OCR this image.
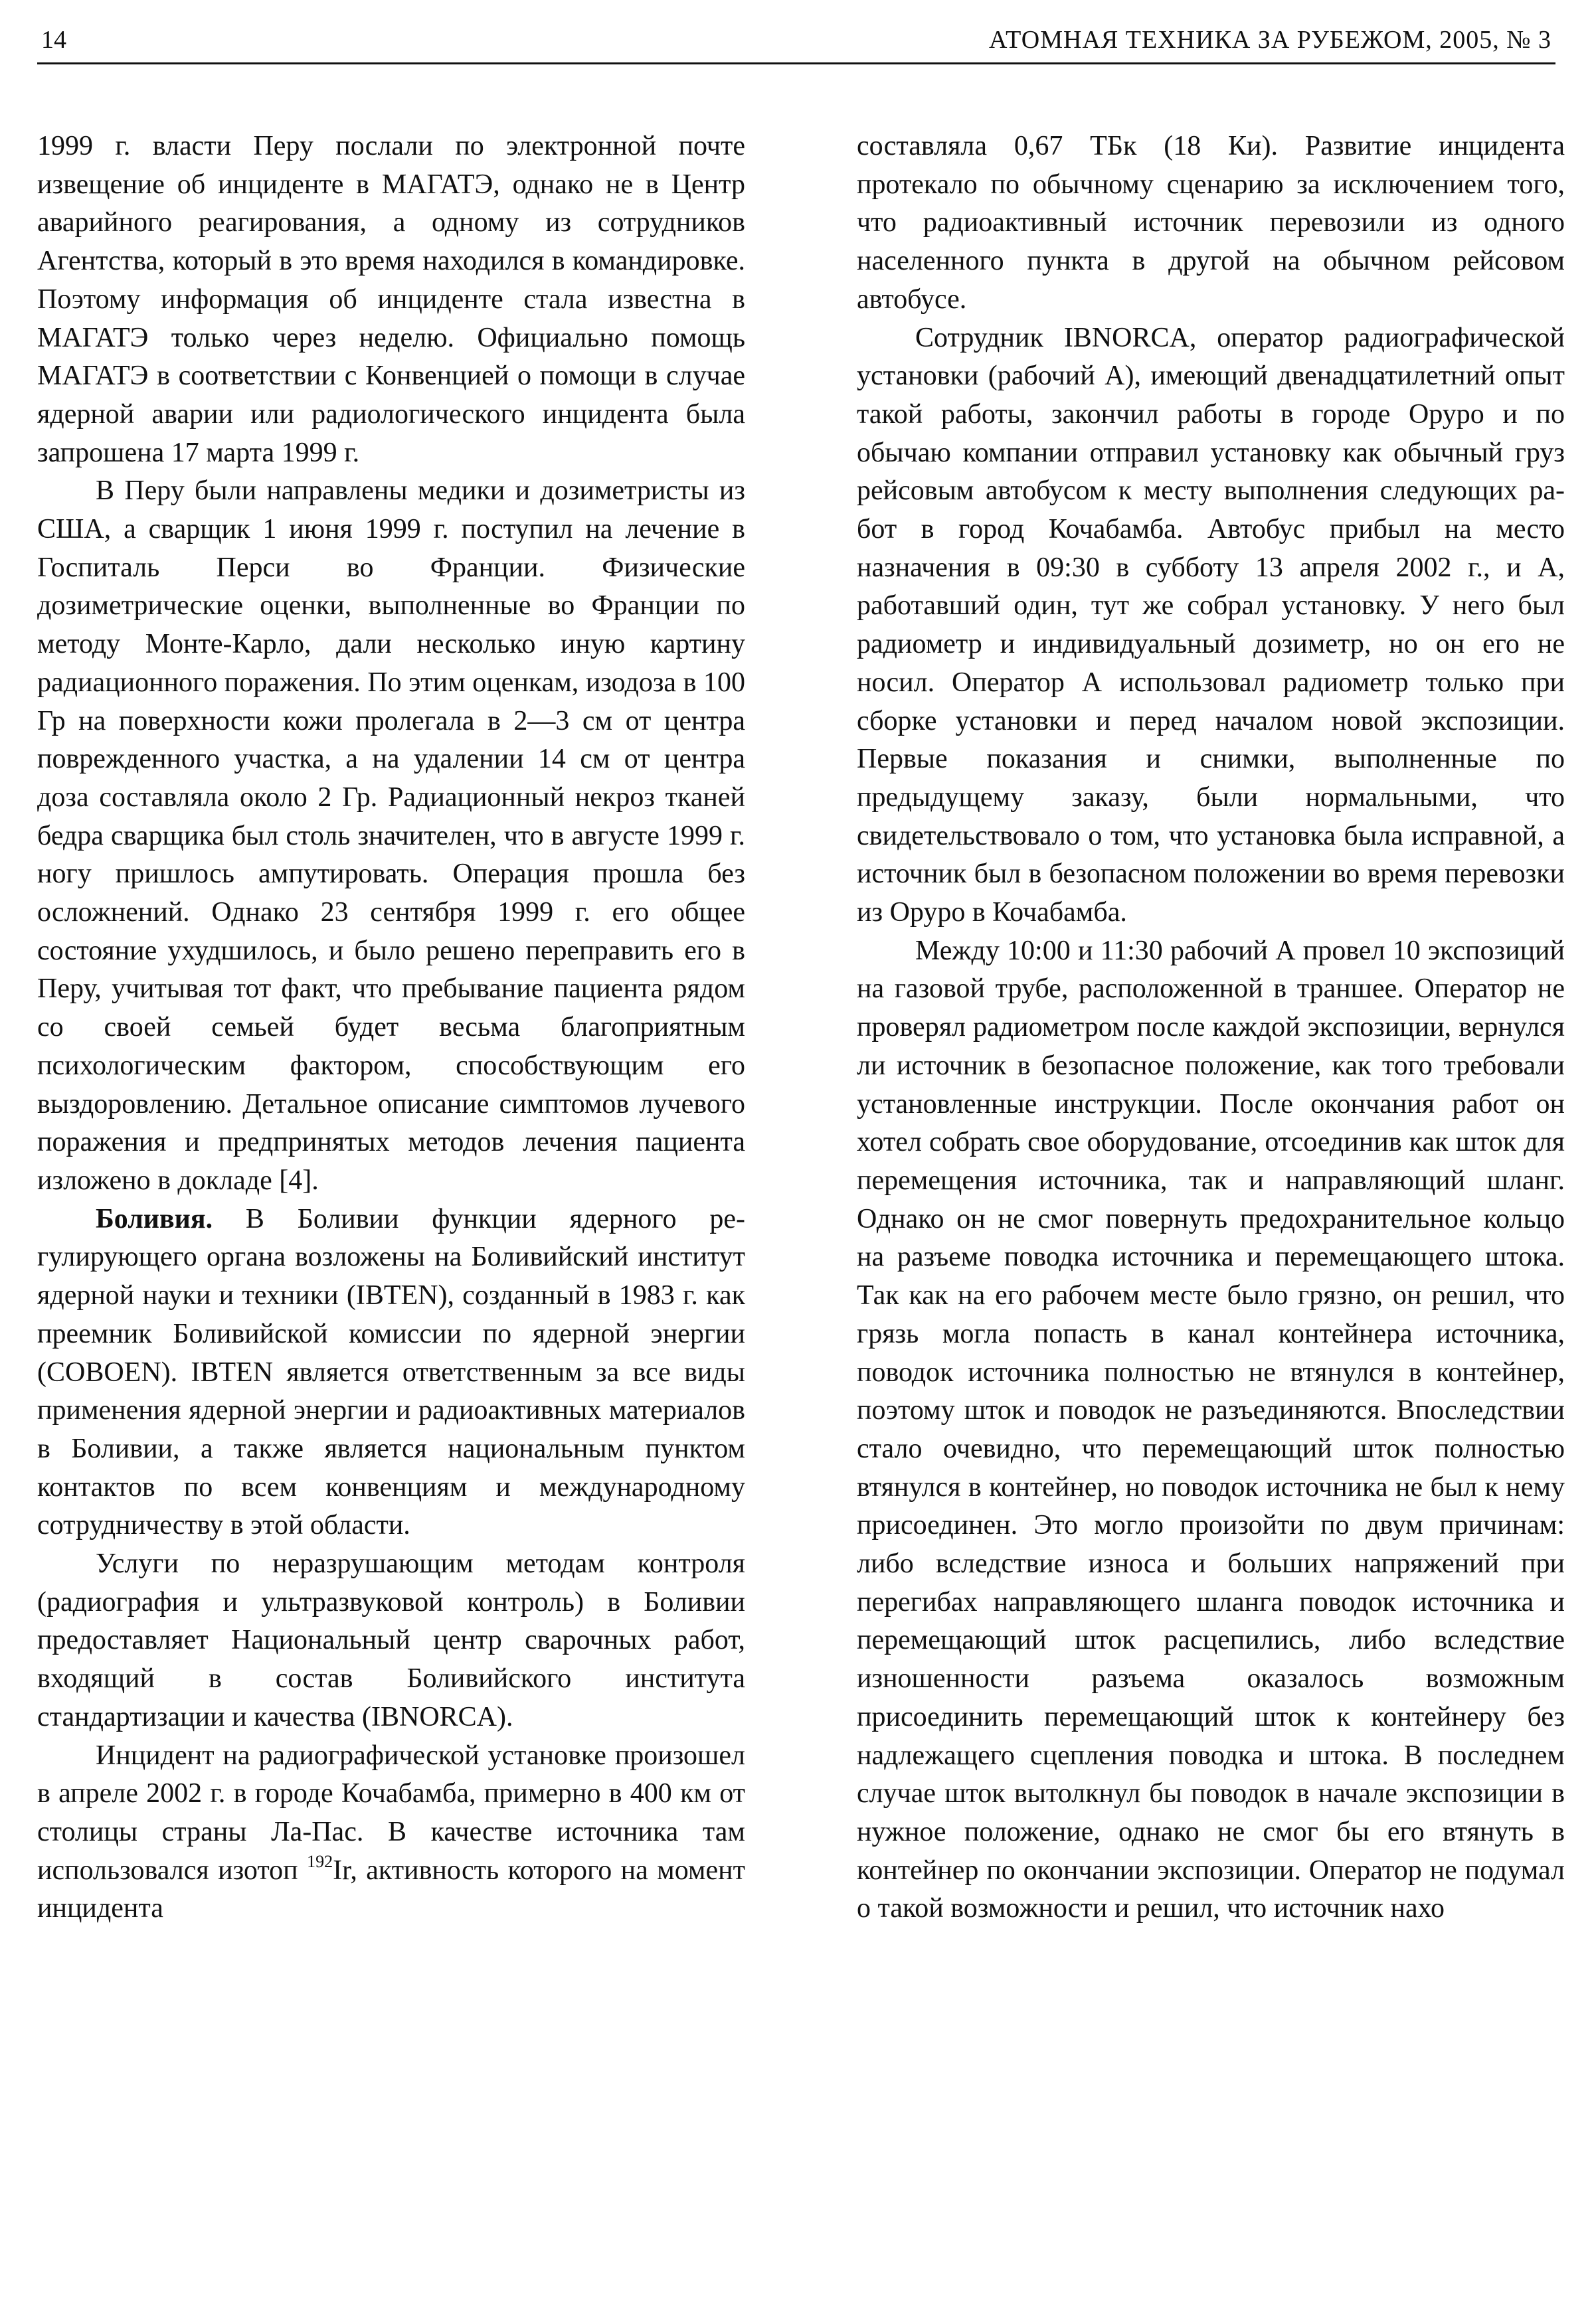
14	АТОМНАЯ ТЕХНИКА ЗА РУБЕЖОМ, 2005, № 3

1999 г. власти Перу послали по электронной почте извещение об инциденте в МАГАТЭ, однако не в Центр аварийного реагирования, а одному из сотрудников Агентства, который в это время находился в командировке. Поэтому информация об инциденте стала известна в МАГАТЭ только через неделю. Официально помощь МАГАТЭ в соответствии с Конвенцией о помощи в случае ядерной аварии или радиологического инцидента была запрошена 17 марта 1999 г.

В Перу были направлены медики и дозиметристы из США, а сварщик 1 июня 1999 г. поступил на лечение в Госпиталь Перси во Франции. Физические дозиметрические оценки, выполненные во Франции по методу Монте-Карло, дали несколько иную картину радиационного поражения. По этим оценкам, изодоза в 100 Гр на поверхности кожи пролегала в 2—3 см от центра поврежденного участка, а на удалении 14 см от центра доза составляла около 2 Гр. Радиационный некроз тканей бедра сварщика был столь значителен, что в августе 1999 г. ногу пришлось ампутировать. Операция прошла без осложнений. Однако 23 сентября 1999 г. его общее состояние ухудшилось, и было решено переправить его в Перу, учитывая тот факт, что пребывание пациента рядом со своей семьей будет весьма благоприятным психологическим фактором, способствующим его выздоровлению. Детальное описание симптомов лучевого поражения и предпринятых методов лечения пациента изложено в докладе [4].

Боливия. В Боливии функции ядерного регулирующего органа возложены на Боливийский институт ядерной науки и техники (IBTEN), созданный в 1983 г. как преемник Боливийской комиссии по ядерной энергии (COBOEN). IBTEN является ответственным за все виды применения ядерной энергии и радиоактивных материалов в Боливии, а также является национальным пунктом контактов по всем конвенциям и международному сотрудничеству в этой области.

Услуги по неразрушающим методам контроля (радиография и ультразвуковой контроль) в Боливии предоставляет Национальный центр сварочных работ, входящий в состав Боливийского института стандартизации и качества (IBNORCA).

Инцидент на радиографической установке произошел в апреле 2002 г. в городе Кочабамба, примерно в 400 км от столицы страны Ла-Пас. В качестве источника там использовался изотоп $^{192}$Ir, активность которого на момент инцидента

составляла 0,67 ТБк (18 Ки). Развитие инцидента протекало по обычному сценарию за исключением того, что радиоактивный источник перевозили из одного населенного пункта в другой на обычном рейсовом автобусе.

Сотрудник IBNORCA, оператор радиографической установки (рабочий А), имеющий двенадцатилетний опыт такой работы, закончил работы в городе Оруро и по обычаю компании отправил установку как обычный груз рейсовым автобусом к месту выполнения следующих работ в город Кочабамба. Автобус прибыл на место назначения в 09:30 в субботу 13 апреля 2002 г., и А, работавший один, тут же собрал установку. У него был радиометр и индивидуальный дозиметр, но он его не носил. Оператор А использовал радиометр только при сборке установки и перед началом новой экспозиции. Первые показания и снимки, выполненные по предыдущему заказу, были нормальными, что свидетельствовало о том, что установка была исправной, а источник был в безопасном положении во время перевозки из Оруро в Кочабамба.

Между 10:00 и 11:30 рабочий А провел 10 экспозиций на газовой трубе, расположенной в траншее. Оператор не проверял радиометром после каждой экспозиции, вернулся ли источник в безопасное положение, как того требовали установленные инструкции. После окончания работ он хотел собрать свое оборудование, отсоединив как шток для перемещения источника, так и направляющий шланг. Однако он не смог повернуть предохранительное кольцо на разъеме поводка источника и перемещающего штока. Так как на его рабочем месте было грязно, он решил, что грязь могла попасть в канал контейнера источника, поводок источника полностью не втянулся в контейнер, поэтому шток и поводок не разъединяются. Впоследствии стало очевидно, что перемещающий шток полностью втянулся в контейнер, но поводок источника не был к нему присоединен. Это могло произойти по двум причинам: либо вследствие износа и больших напряжений при перегибах направляющего шланга поводок источника и перемещающий шток расцепились, либо вследствие изношенности разъема оказалось возможным присоединить перемещающий шток к контейнеру без надлежащего сцепления поводка и штока. В последнем случае шток вытолкнул бы поводок в начале экспозиции в нужное положение, однако не смог бы его втянуть в контейнер по окончании экспозиции. Оператор не подумал о такой возможности и решил, что источник нахо
